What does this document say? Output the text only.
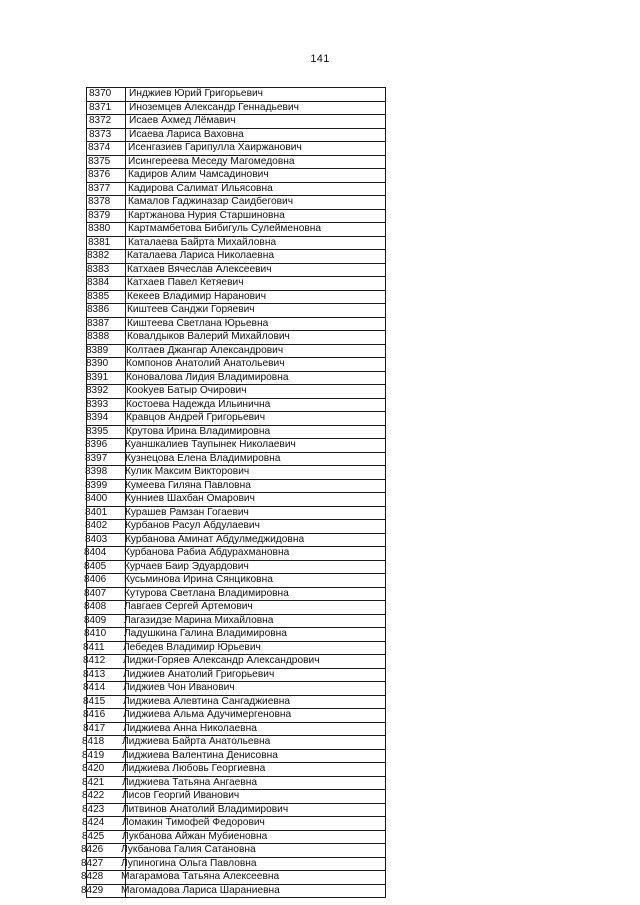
141
8370	Инджиев Юрий Григорьевич
8371	Иноземцев Александр Геннадьевич
8372	Исаев Ахмед Лёмавич
8373	Исаева Лариса Ваховна
8374	Исенгазиев Гарипулла Хаиржанович
8375	Исингереева Меседу Магомедовна
8376	Кадиров Алим Чамсадинович
8377	Кадирова Салимат Ильясовна
8378	Камалов Гаджиназар Саидбегович
8379	Картжанова Нурия Старшиновна
8380	Картмамбетова Бибигуль Сулейменовна
8381	Каталаева Байрта Михайловна
8382	Каталаева Лариса Николаевна
8383	Катхаев Вячеслав Алексеевич
8384	Катхаев Павел Кетяевич
8385	Кекеев Владимир Наранович
8386	Киштеев Санджи Горяевич
8387	Киштеева Светлана Юрьевна
8388	Ковалдыков Валерий Михайлович
8389	Колтаев Джангар Александрович
8390	Компонов Анатолий Анатольевич
8391	Коновалова Лидия Владимировна
8392	Кookуев Батыр Очирович
8393	Костоева Надежда Ильинична
8394	Кравцов Андрей Григорьевич
8395	Крутова Ирина Владимировна
8396	Куаншкалиев Таупынек Николаевич
8397	Кузнецова Елена Владимировна
8398	Кулик Максим Викторович
8399	Кумеева Гиляна Павловна
8400	Кунниев Шахбан Омарович
8401	Курашев Рамзан Гогаевич
8402	Курбанов Расул Абдулаевич
8403	Курбанова Аминат Абдулмеджидовна
8404	Курбанова Рабиа Абдурахмановна
8405	Курчаев Баир Эдуардович
8406	Кусьминова Ирина Сянциковна
8407	Кутурова Светлана Владимировна
8408	Лавгаев Сергей Артемович
8409	Лагазидзе Марина Михайловна
8410	Ладушкина Галина Владимировна
8411	Лебедев Владимир Юрьевич
8412	Лиджи-Горяев Александр Александрович
8413	Лиджиев Анатолий Григорьевич
8414	Лиджиев Чон Иванович
8415	Лиджиева Алевтина Сангаджиевна
8416	Лиджиева Альма Адучимергеновна
8417	Лиджиева Анна Николаевна
8418	Лиджиева Байрта Анатольевна
8419	Лиджиева Валентина Денисовна
8420	Лиджиева Любовь Георгиевна
8421	Лиджиева Татьяна Ангаевна
8422	Лисов Георгий Иванович
8423	Литвинов Анатолий Владимирович
8424	Ломакин Тимофей Федорович
8425	Лукбанова Айжан Мубиеновна
8426	Лукбанова Галия Сатановна
8427	Лупиногина Ольга Павловна
8428	Магарамова Татьяна Алексеевна
8429	Магомадова Лариса Шараниевна
